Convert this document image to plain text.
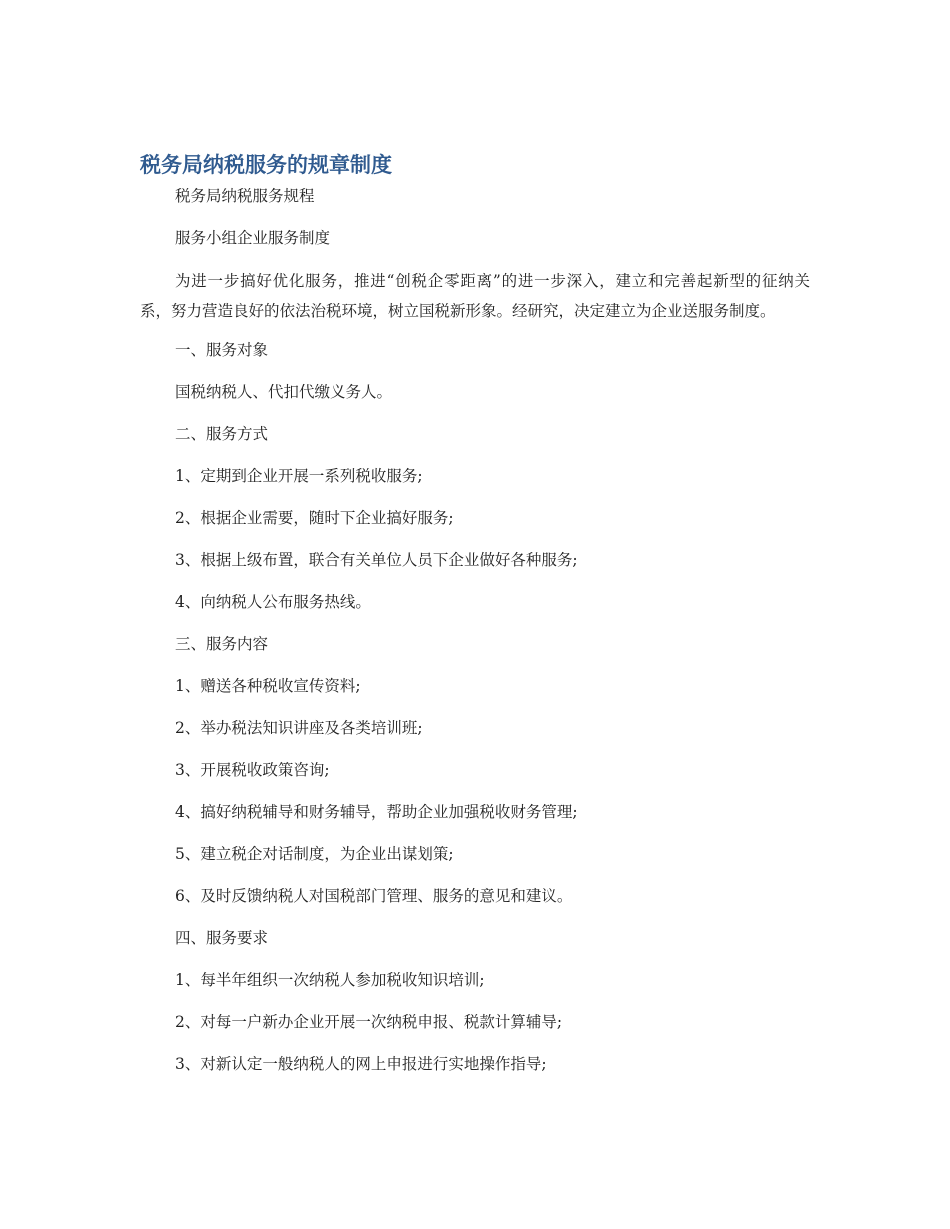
税务局纳税服务的规章制度
税务局纳税服务规程
服务小组企业服务制度
为进一步搞好优化服务，推进“创税企零距离”的进一步深入，建立和完善起新型的征纳关系，努力营造良好的依法治税环境，树立国税新形象。经研究，决定建立为企业送服务制度。
一、服务对象
国税纳税人、代扣代缴义务人。
二、服务方式
1、定期到企业开展一系列税收服务;
2、根据企业需要，随时下企业搞好服务;
3、根据上级布置，联合有关单位人员下企业做好各种服务;
4、向纳税人公布服务热线。
三、服务内容
1、赠送各种税收宣传资料;
2、举办税法知识讲座及各类培训班;
3、开展税收政策咨询;
4、搞好纳税辅导和财务辅导，帮助企业加强税收财务管理;
5、建立税企对话制度，为企业出谋划策;
6、及时反馈纳税人对国税部门管理、服务的意见和建议。
四、服务要求
1、每半年组织一次纳税人参加税收知识培训;
2、对每一户新办企业开展一次纳税申报、税款计算辅导;
3、对新认定一般纳税人的网上申报进行实地操作指导;
